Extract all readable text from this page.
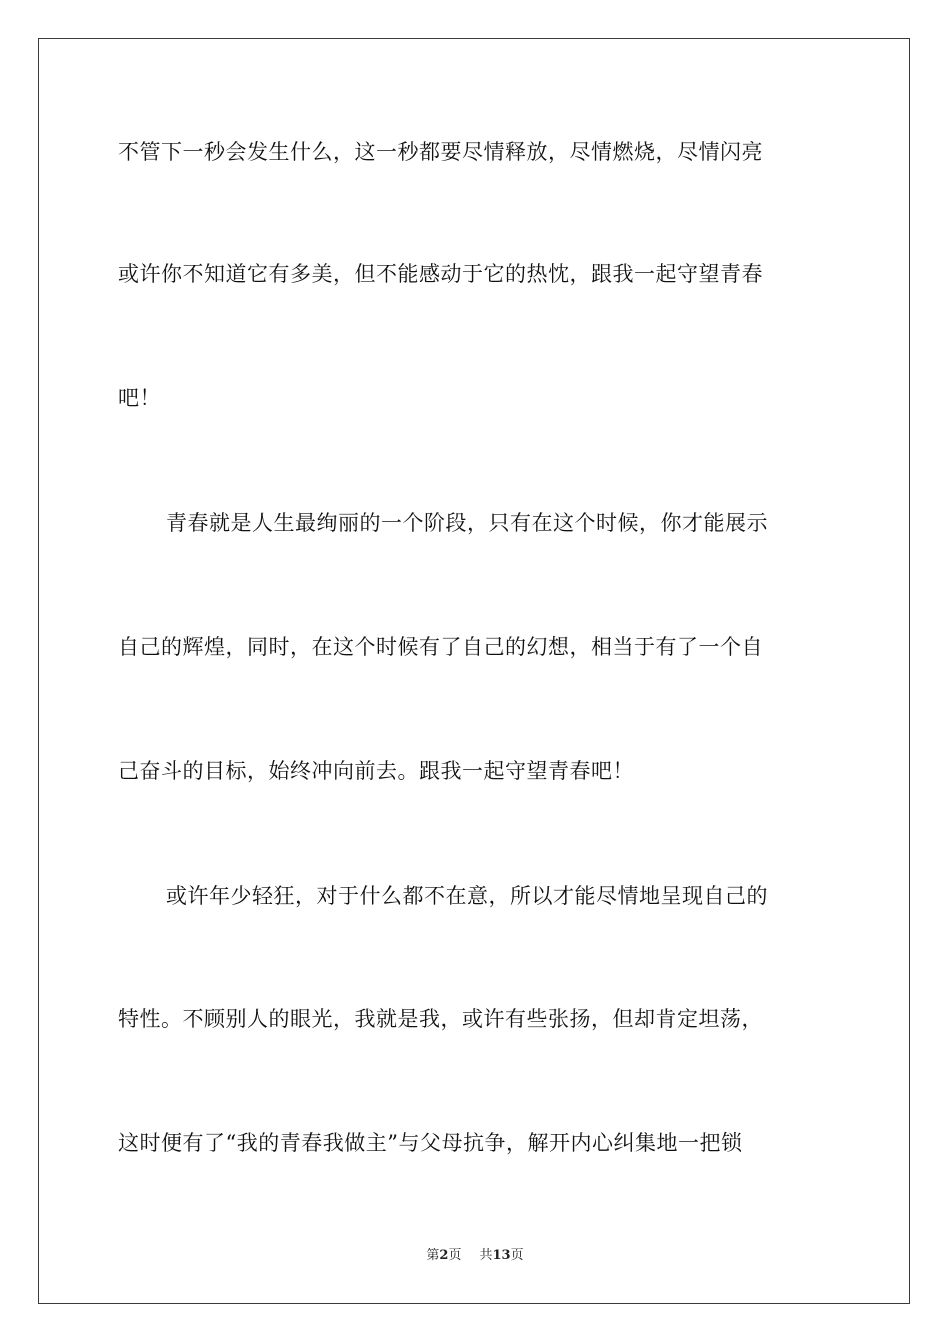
不管下一秒会发生什么，这一秒都要尽情释放，尽情燃烧，尽情闪亮
或许你不知道它有多美，但不能感动于它的热忱，跟我一起守望青春
吧！
青春就是人生最绚丽的一个阶段，只有在这个时候，你才能展示
自己的辉煌，同时，在这个时候有了自己的幻想，相当于有了一个自
己奋斗的目标，始终冲向前去。跟我一起守望青春吧！
或许年少轻狂，对于什么都不在意，所以才能尽情地呈现自己的
特性。不顾别人的眼光，我就是我，或许有些张扬，但却肯定坦荡，
这时便有了“我的青春我做主”与父母抗争，解开内心纠集地一把锁
第2页 共13页
